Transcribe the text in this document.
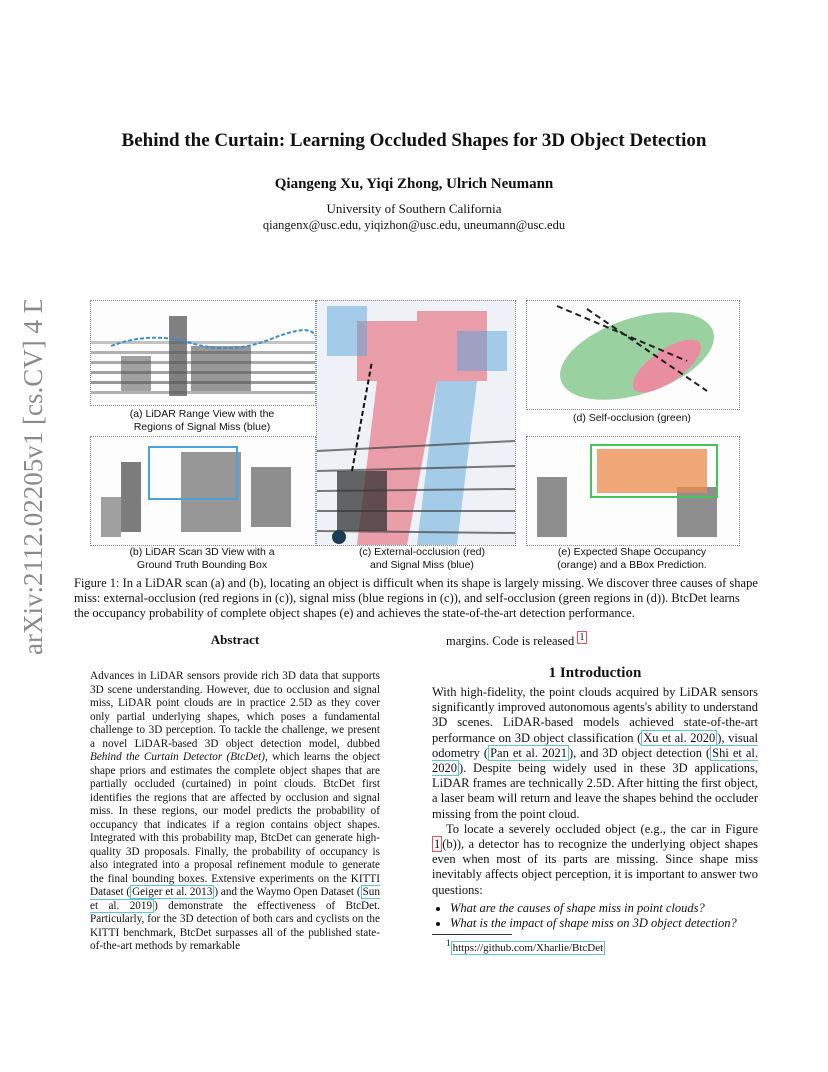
arXiv:2112.02205v1 [cs.CV] 4 Dec 2021
Behind the Curtain: Learning Occluded Shapes for 3D Object Detection
Qiangeng Xu, Yiqi Zhong, Ulrich Neumann
University of Southern California
qiangenx@usc.edu, yiqizhon@usc.edu, uneumann@usc.edu
(a) LiDAR Range View with the
Regions of Signal Miss (blue)
(b) LiDAR Scan 3D View with a
Ground Truth Bounding Box
(c) External-occlusion (red)
and Signal Miss (blue)
(d) Self-occlusion (green)
(e) Expected Shape Occupancy
(orange) and a BBox Prediction.
Figure 1: In a LiDAR scan (a) and (b), locating an object is difficult when its shape is largely missing. We discover three causes of shape miss: external-occlusion (red regions in (c)), signal miss (blue regions in (c)), and self-occlusion (green regions in (d)). BtcDet learns the occupancy probability of complete object shapes (e) and achieves the state-of-the-art detection performance.
Abstract
Advances in LiDAR sensors provide rich 3D data that supports 3D scene understanding. However, due to occlusion and signal miss, LiDAR point clouds are in practice 2.5D as they cover only partial underlying shapes, which poses a fundamental challenge to 3D perception. To tackle the challenge, we present a novel LiDAR-based 3D object detection model, dubbed Behind the Curtain Detector (BtcDet), which learns the object shape priors and estimates the complete object shapes that are partially occluded (curtained) in point clouds. BtcDet first identifies the regions that are affected by occlusion and signal miss. In these regions, our model predicts the probability of occupancy that indicates if a region contains object shapes. Integrated with this probability map, BtcDet can generate high-quality 3D proposals. Finally, the probability of occupancy is also integrated into a proposal refinement module to generate the final bounding boxes. Extensive experiments on the KITTI Dataset ( Geiger et al. 2013 ) and the Waymo Open Dataset ( Sun et al. 2019 ) demonstrate the effectiveness of BtcDet. Particularly, for the 3D detection of both cars and cyclists on the KITTI benchmark, BtcDet surpasses all of the published state-of-the-art methods by remarkable
margins. Code is released $^1$
1 Introduction

With high-fidelity, the point clouds acquired by LiDAR sensors significantly improved autonomous agents's ability to understand 3D scenes. LiDAR-based models achieved state-of-the-art performance on 3D object classification ( Xu et al. 2020 ), visual odometry ( Pan et al. 2021 ), and 3D object detection ( Shi et al. 2020 ). Despite being widely used in these 3D applications, LiDAR frames are technically 2.5D. After hitting the first object, a laser beam will return and leave the shapes behind the occluder missing from the point cloud.

To locate a severely occluded object (e.g., the car in Figure 1 (b)), a detector has to recognize the underlying object shapes even when most of its parts are missing. Since shape miss inevitably affects object perception, it is important to answer two questions:

• What are the causes of shape miss in point clouds?
• What is the impact of shape miss on 3D object detection?
$^1$ https://github.com/Xharlie/BtcDet
